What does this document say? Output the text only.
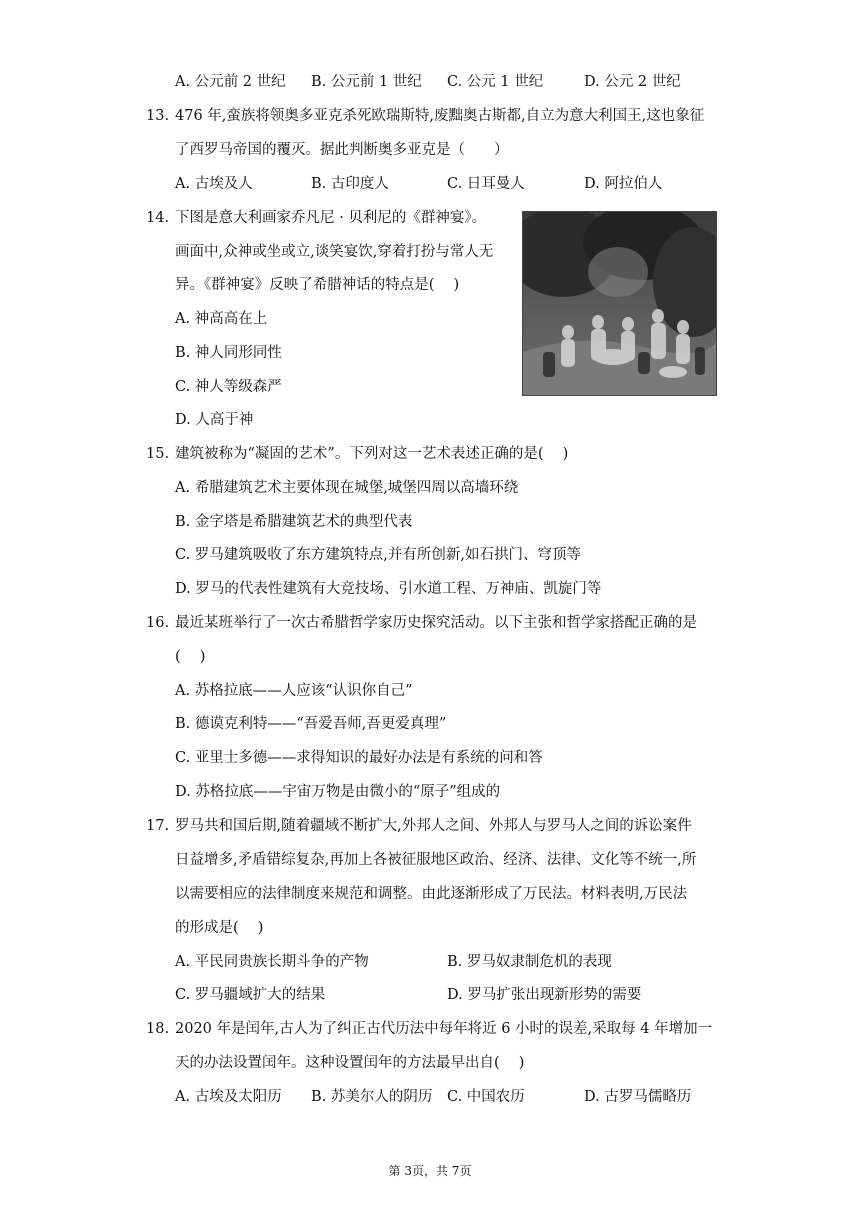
A. 公元前 2 世纪 B. 公元前 1 世纪 C. 公元 1 世纪	D. 公元 2 世纪
13. 476 年,蛮族将领奥多亚克杀死欧瑞斯特,废黜奥古斯都,自立为意大利国王,这也象征
了西罗马帝国的覆灭。据此判断奥多亚克是（　　）
A. 古埃及人	B. 古印度人	C. 日耳曼人	D. 阿拉伯人
14. 下图是意大利画家乔凡尼 · 贝利尼的《群神宴》。
画面中,众神或坐或立,谈笑宴饮,穿着打扮与常人无
异。《群神宴》反映了希腊神话的特点是(　 )
A. 神高高在上
B. 神人同形同性
C. 神人等级森严
D. 人高于神
15. 建筑被称为“凝固的艺术”。下列对这一艺术表述正确的是(　 )
A. 希腊建筑艺术主要体现在城堡,城堡四周以高墙环绕
B. 金字塔是希腊建筑艺术的典型代表
C. 罗马建筑吸收了东方建筑特点,并有所创新,如石拱门、穹顶等
D. 罗马的代表性建筑有大竞技场、引水道工程、万神庙、凯旋门等
16. 最近某班举行了一次古希腊哲学家历史探究活动。以下主张和哲学家搭配正确的是
(　 )
A. 苏格拉底——人应该“认识你自己”
B. 德谟克利特——“吾爱吾师,吾更爱真理”
C. 亚里士多德——求得知识的最好办法是有系统的问和答
D. 苏格拉底——宇宙万物是由微小的“原子”组成的
17. 罗马共和国后期,随着疆域不断扩大,外邦人之间、外邦人与罗马人之间的诉讼案件
日益增多,矛盾错综复杂,再加上各被征服地区政治、经济、法律、文化等不统一,所
以需要相应的法律制度来规范和调整。由此逐渐形成了万民法。材料表明,万民法
的形成是(　 )
A. 平民同贵族长期斗争的产物	B. 罗马奴隶制危机的表现
C. 罗马疆域扩大的结果	D. 罗马扩张出现新形势的需要
18. 2020 年是闰年,古人为了纠正古代历法中每年将近 6 小时的误差,采取每 4 年增加一
天的办法设置闰年。这种设置闰年的方法最早出自(　 )
A. 古埃及太阳历 B. 苏美尔人的阴历 C. 中国农历	D. 古罗马儒略历
第 3页，共 7页
